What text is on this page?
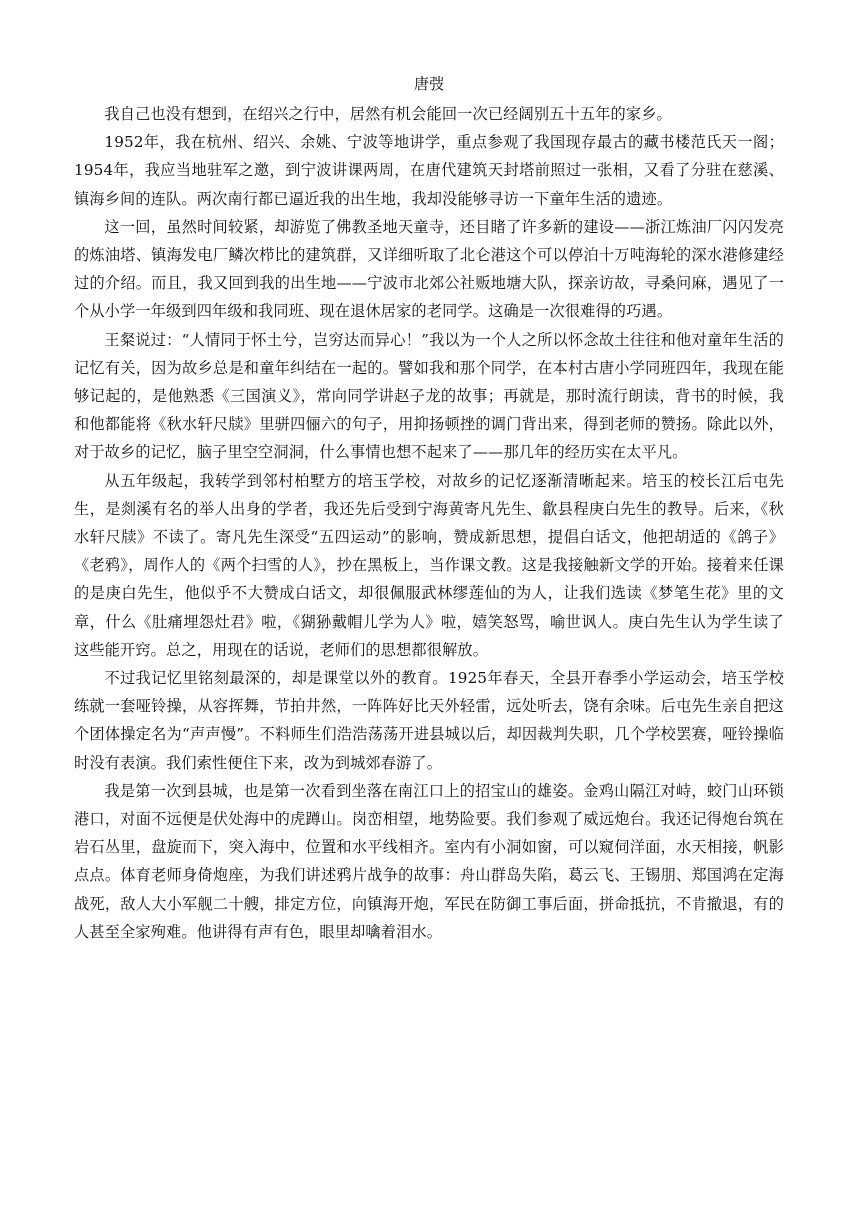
唐弢

我自己也没有想到，在绍兴之行中，居然有机会能回一次已经阔别五十五年的家乡。

1952年，我在杭州、绍兴、余姚、宁波等地讲学，重点参观了我国现存最古的藏书楼范氏天一阁；1954年，我应当地驻军之邀，到宁波讲课两周，在唐代建筑天封塔前照过一张相，又看了分驻在慈溪、镇海乡间的连队。两次南行都已逼近我的出生地，我却没能够寻访一下童年生活的遗迹。

这一回，虽然时间较紧，却游览了佛教圣地天童寺，还目睹了许多新的建设——浙江炼油厂闪闪发亮的炼油塔、镇海发电厂鳞次栉比的建筑群，又详细听取了北仑港这个可以停泊十万吨海轮的深水港修建经过的介绍。而且，我又回到我的出生地——宁波市北郊公社贩地塘大队，探亲访故，寻桑问麻，遇见了一个从小学一年级到四年级和我同班、现在退休居家的老同学。这确是一次很难得的巧遇。

王粲说过：“人情同于怀土兮，岂穷达而异心！”我以为一个人之所以怀念故土往往和他对童年生活的记忆有关，因为故乡总是和童年纠结在一起的。譬如我和那个同学，在本村古唐小学同班四年，我现在能够记起的，是他熟悉《三国演义》，常向同学讲赵子龙的故事；再就是，那时流行朗读，背书的时候，我和他都能将《秋水轩尺牍》里骈四俪六的句子，用抑扬顿挫的调门背出来，得到老师的赞扬。除此以外，对于故乡的记忆，脑子里空空洞洞，什么事情也想不起来了——那几年的经历实在太平凡。

从五年级起，我转学到邻村柏墅方的培玉学校，对故乡的记忆逐渐清晰起来。培玉的校长江后屯先生，是剡溪有名的举人出身的学者，我还先后受到宁海黄寄凡先生、歙县程庚白先生的教导。后来，《秋水轩尺牍》不读了。寄凡先生深受“五四运动”的影响，赞成新思想，提倡白话文，他把胡适的《鸽子》《老鸦》，周作人的《两个扫雪的人》，抄在黑板上，当作课文教。这是我接触新文学的开始。接着来任课的是庚白先生，他似乎不大赞成白话文，却很佩服武林缪莲仙的为人，让我们选读《梦笔生花》里的文章，什么《肚痛埋怨灶君》啦，《猢狲戴帽儿学为人》啦，嬉笑怒骂，喻世讽人。庚白先生认为学生读了这些能开窍。总之，用现在的话说，老师们的思想都很解放。

不过我记忆里铭刻最深的，却是课堂以外的教育。1925年春天，全县开春季小学运动会，培玉学校练就一套哑铃操，从容挥舞，节拍井然，一阵阵好比天外轻雷，远处听去，饶有余味。后屯先生亲自把这个团体操定名为“声声慢”。不料师生们浩浩荡荡开进县城以后，却因裁判失职，几个学校罢赛，哑铃操临时没有表演。我们索性便住下来，改为到城郊春游了。

我是第一次到县城，也是第一次看到坐落在南江口上的招宝山的雄姿。金鸡山隔江对峙，蛟门山环锁港口，对面不远便是伏处海中的虎蹲山。岗峦相望，地势险要。我们参观了威远炮台。我还记得炮台筑在岩石丛里，盘旋而下，突入海中，位置和水平线相齐。室内有小洞如窗，可以窥伺洋面，水天相接，帆影点点。体育老师身倚炮座，为我们讲述鸦片战争的故事：舟山群岛失陷，葛云飞、王锡朋、郑国鸿在定海战死，敌人大小军舰二十艘，排定方位，向镇海开炮，军民在防御工事后面，拼命抵抗，不肯撤退，有的人甚至全家殉难。他讲得有声有色，眼里却噙着泪水。
